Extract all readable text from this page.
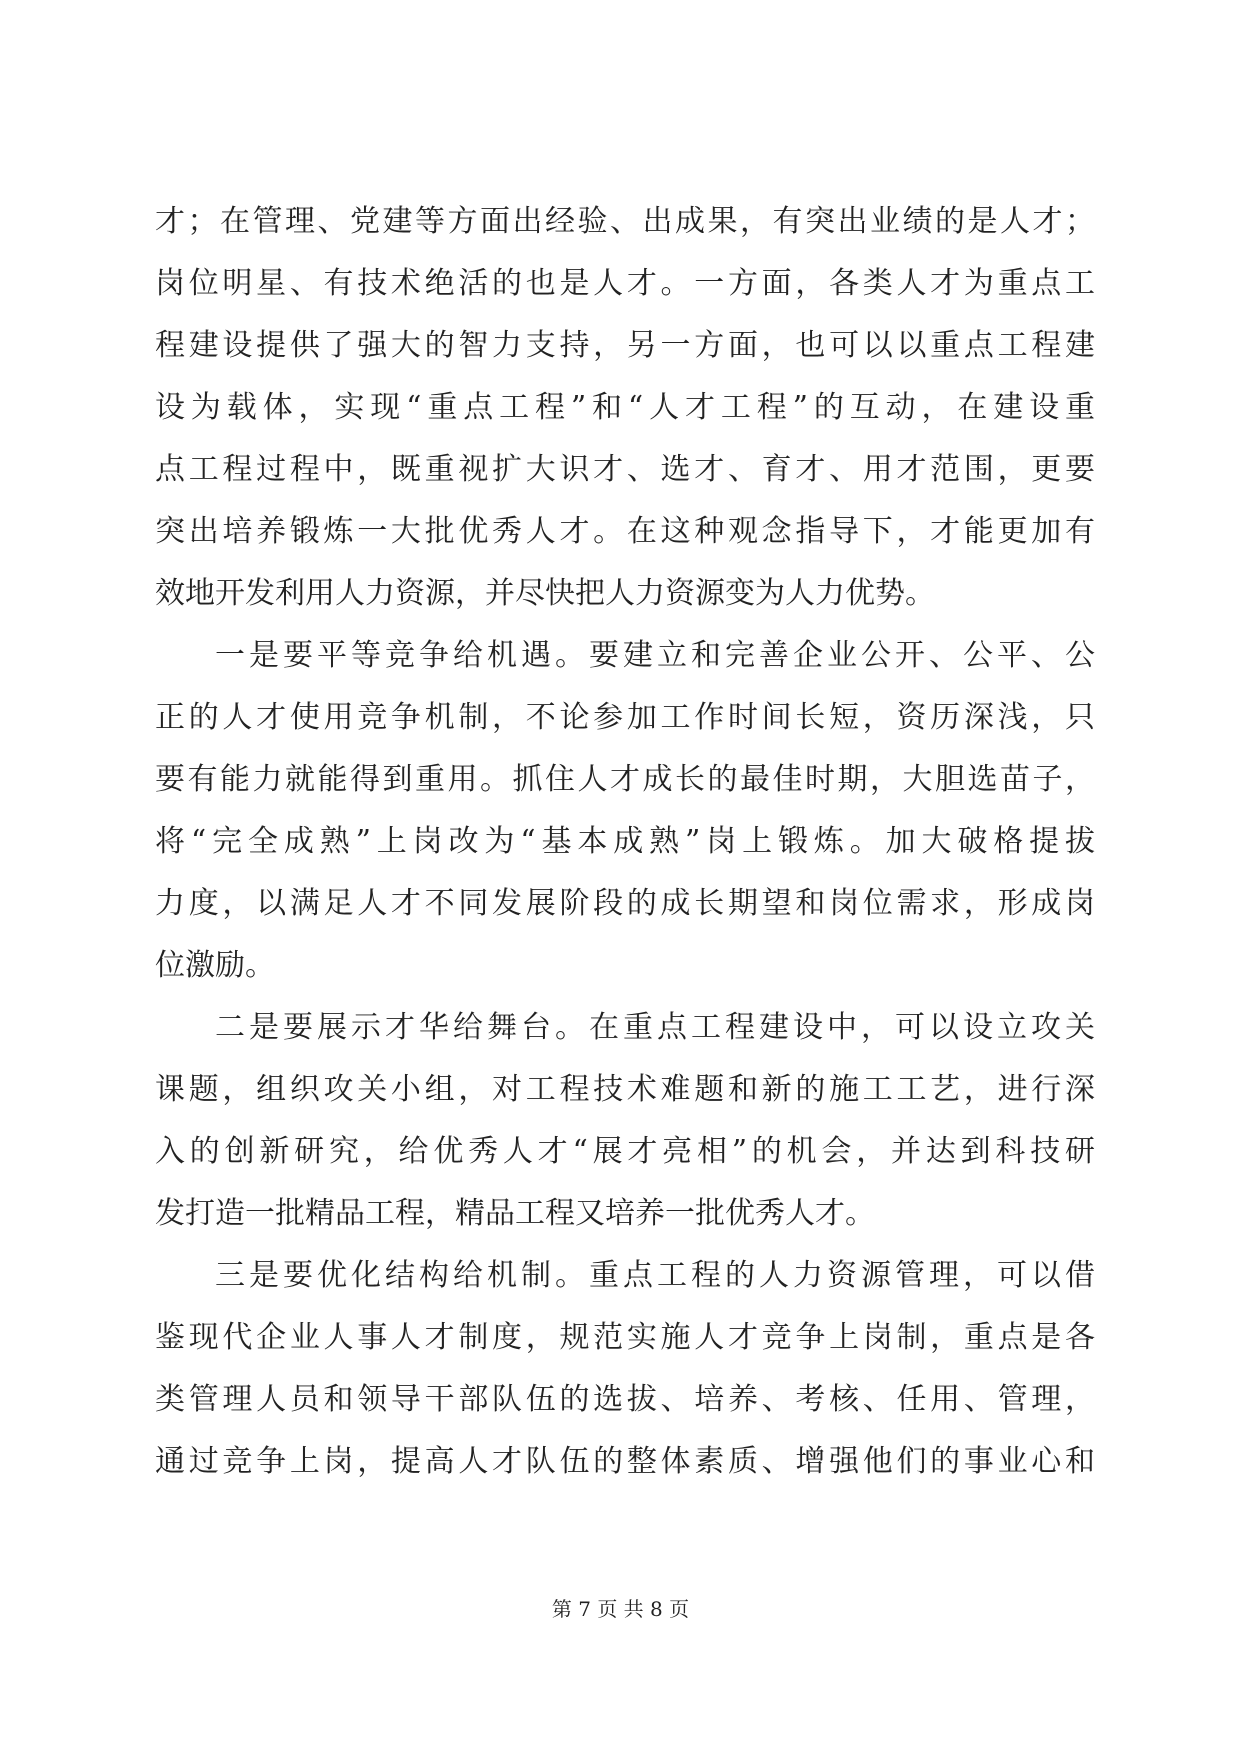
才；在管理、党建等方面出经验、出成果，有突出业绩的是人才；
岗位明星、有技术绝活的也是人才。一方面，各类人才为重点工
程建设提供了强大的智力支持，另一方面，也可以以重点工程建
设为载体，实现“重点工程”和“人才工程”的互动，在建设重
点工程过程中，既重视扩大识才、选才、育才、用才范围，更要
突出培养锻炼一大批优秀人才。在这种观念指导下，才能更加有
效地开发利用人力资源，并尽快把人力资源变为人力优势。
一是要平等竞争给机遇。要建立和完善企业公开、公平、公
正的人才使用竞争机制，不论参加工作时间长短，资历深浅，只
要有能力就能得到重用。抓住人才成长的最佳时期，大胆选苗子，
将“完全成熟”上岗改为“基本成熟”岗上锻炼。加大破格提拔
力度，以满足人才不同发展阶段的成长期望和岗位需求，形成岗
位激励。
二是要展示才华给舞台。在重点工程建设中，可以设立攻关
课题，组织攻关小组，对工程技术难题和新的施工工艺，进行深
入的创新研究，给优秀人才“展才亮相”的机会，并达到科技研
发打造一批精品工程，精品工程又培养一批优秀人才。
三是要优化结构给机制。重点工程的人力资源管理，可以借
鉴现代企业人事人才制度，规范实施人才竞争上岗制，重点是各
类管理人员和领导干部队伍的选拔、培养、考核、任用、管理，
通过竞争上岗，提高人才队伍的整体素质、增强他们的事业心和
第 7 页 共 8 页
